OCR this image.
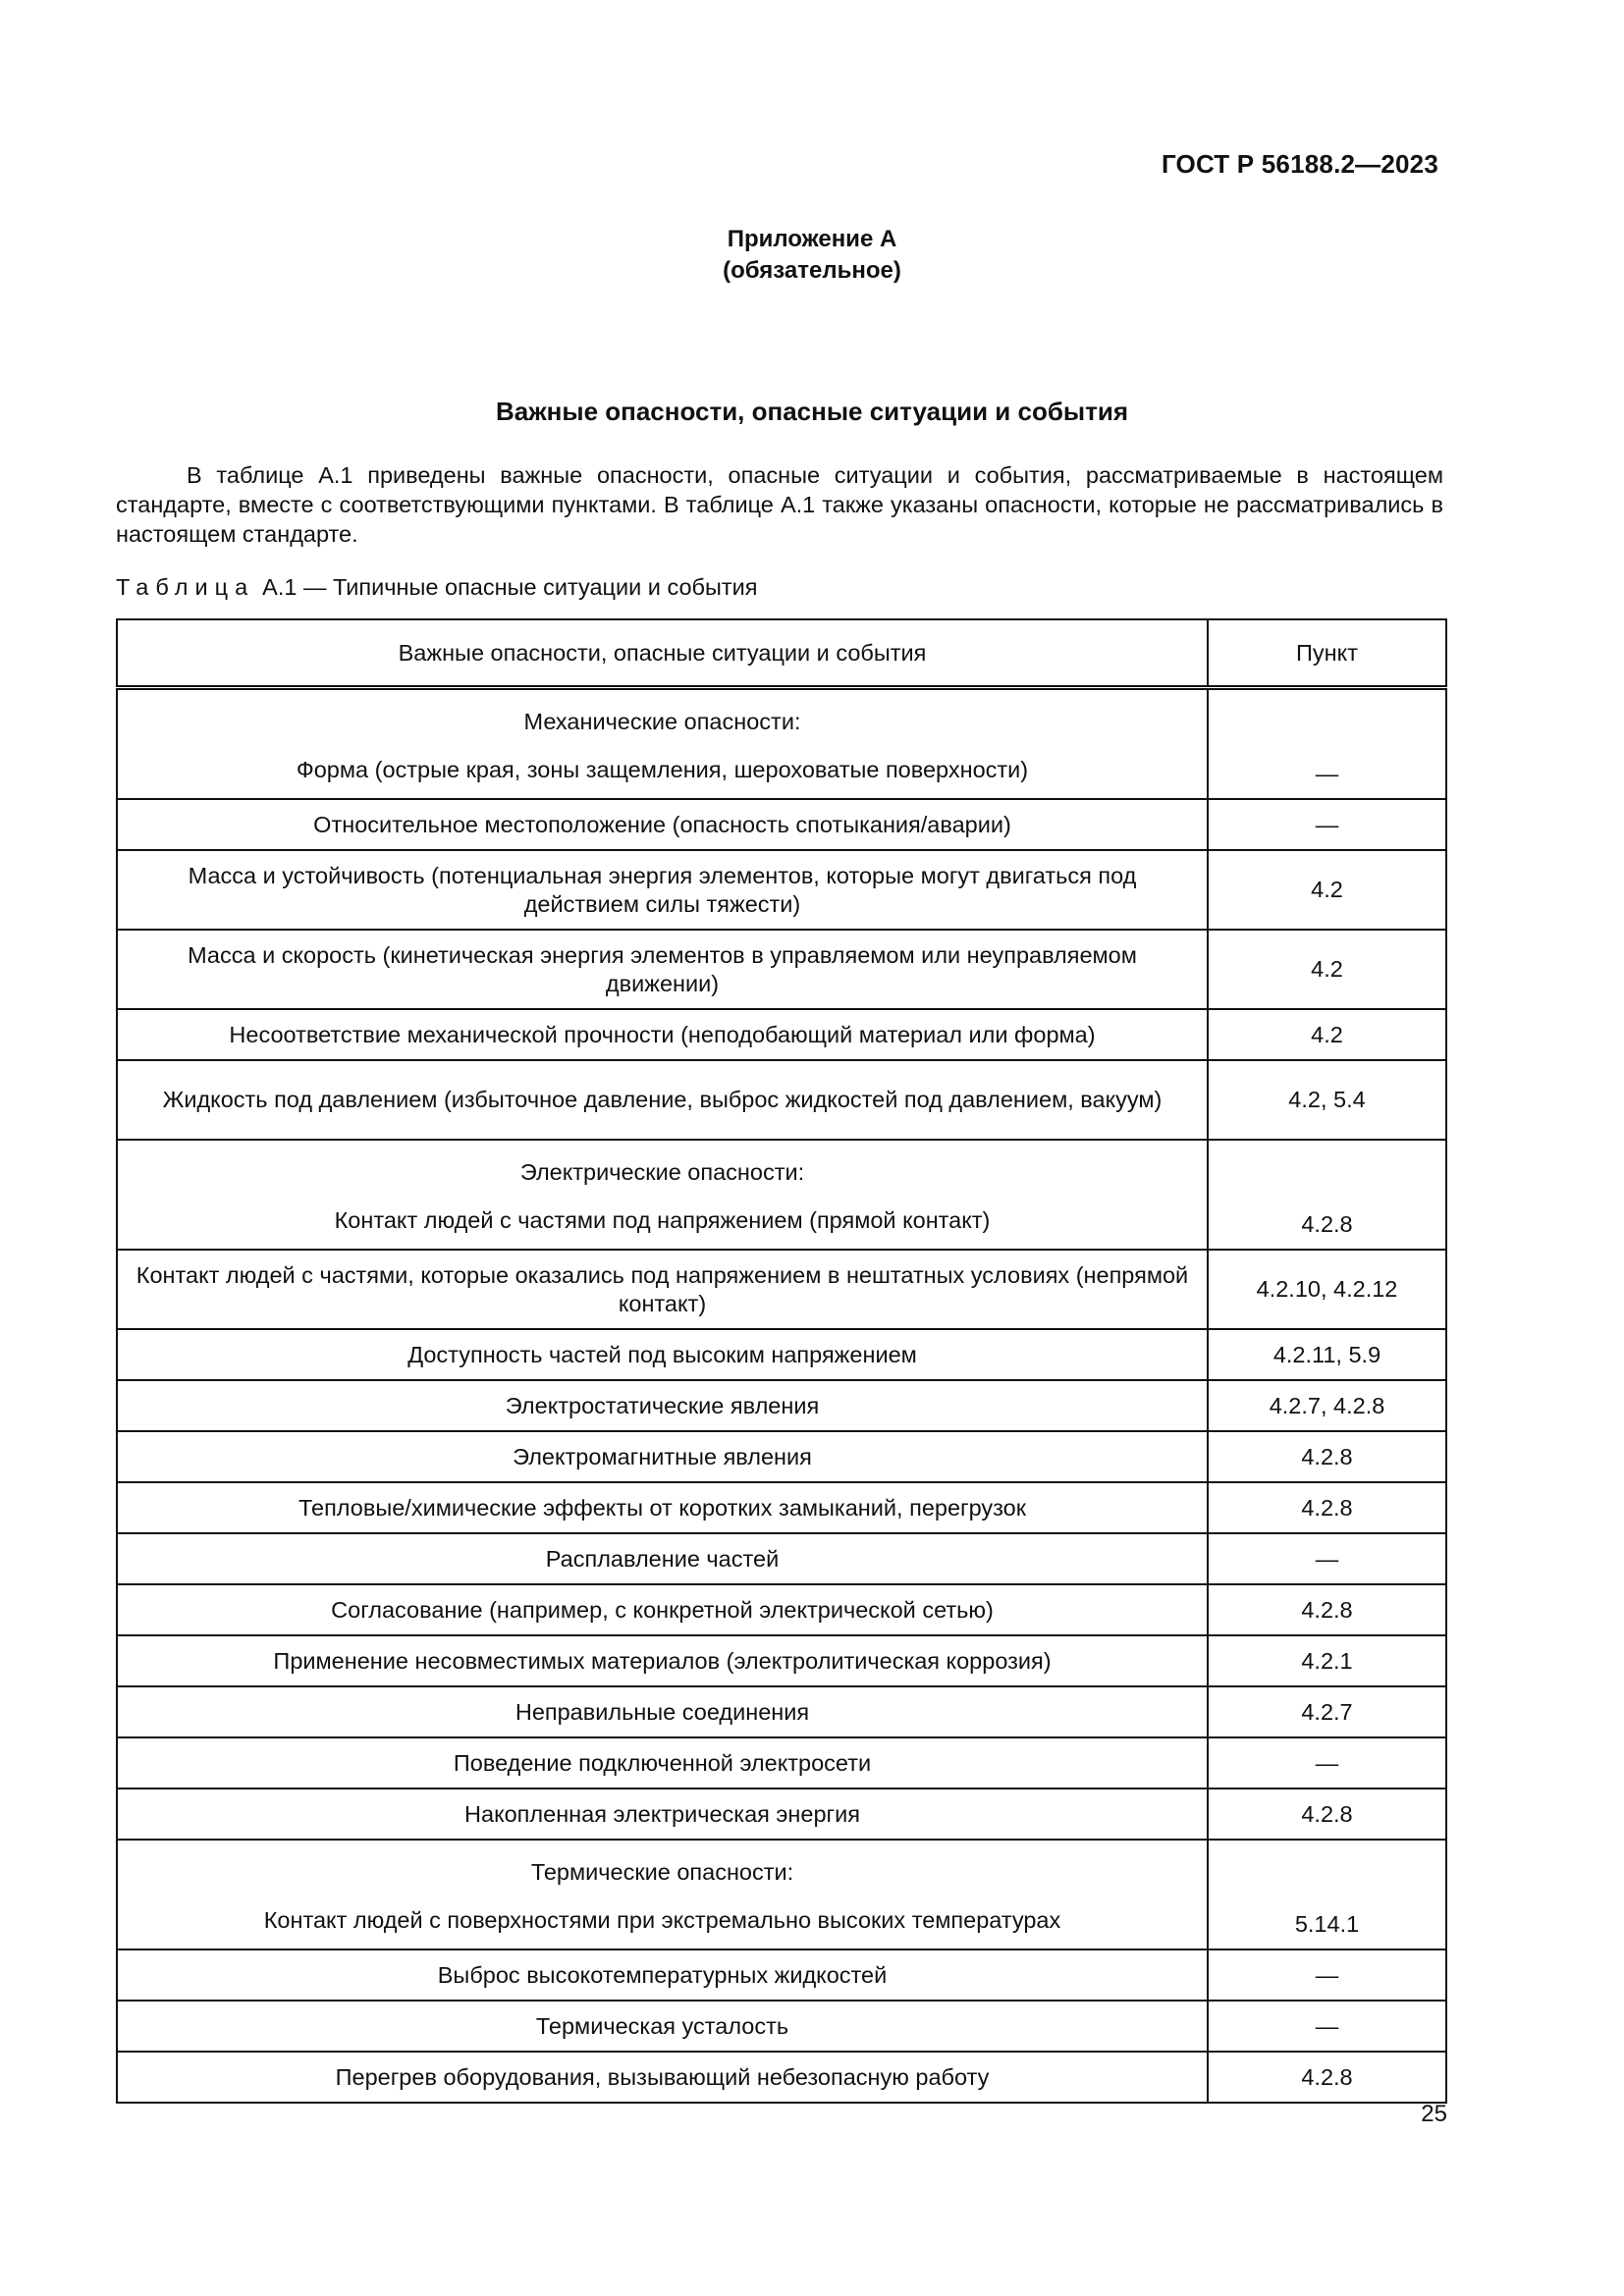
ГОСТ Р 56188.2—2023
Приложение А
(обязательное)
Важные опасности, опасные ситуации и события

В таблице А.1 приведены важные опасности, опасные ситуации и события, рассматриваемые в настоящем стандарте, вместе с соответствующими пунктами. В таблице А.1 также указаны опасности, которые не рассматривались в настоящем стандарте.

Таблица А.1 — Типичные опасные ситуации и события
Важные опасности, опасные ситуации и события	Пункт

Механические опасности:
Форма (острые края, зоны защемления, шероховатые поверхности)	—
Относительное местоположение (опасность спотыкания/аварии)	—
Масса и устойчивость (потенциальная энергия элементов, которые могут двигаться под действием силы тяжести)	4.2
Масса и скорость (кинетическая энергия элементов в управляемом или неуправляемом движении)	4.2
Несоответствие механической прочности (неподобающий материал или форма)	4.2
Жидкость под давлением (избыточное давление, выброс жидкостей под давлением, вакуум)	4.2, 5.4

Электрические опасности:
Контакт людей с частями под напряжением (прямой контакт)	4.2.8
Контакт людей с частями, которые оказались под напряжением в нештатных условиях (непрямой контакт)	4.2.10, 4.2.12
Доступность частей под высоким напряжением	4.2.11, 5.9
Электростатические явления	4.2.7, 4.2.8
Электромагнитные явления	4.2.8
Тепловые/химические эффекты от коротких замыканий, перегрузок	4.2.8
Расплавление частей	—
Согласование (например, с конкретной электрической сетью)	4.2.8
Применение несовместимых материалов (электролитическая коррозия)	4.2.1
Неправильные соединения	4.2.7
Поведение подключенной электросети	—
Накопленная электрическая энергия	4.2.8

Термические опасности:
Контакт людей с поверхностями при экстремально высоких температурах	5.14.1
Выброс высокотемпературных жидкостей	—
Термическая усталость	—
Перегрев оборудования, вызывающий небезопасную работу	4.2.8
25
